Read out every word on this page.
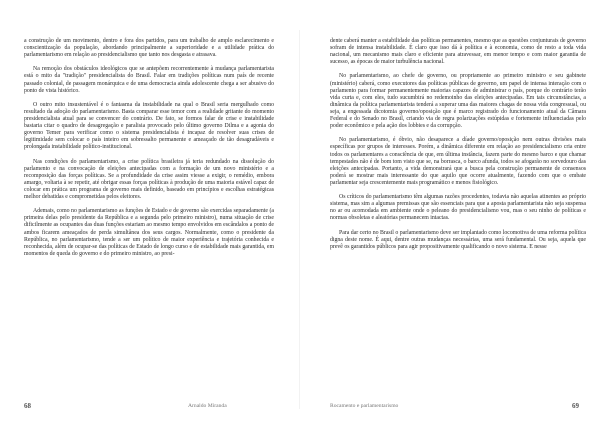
a construção de um movimento, dentro e fora dos partidos, para um trabalho de amplo esclarecimento e conscientização da população, abordando principalmente a superioridade e a utilidade prática do parlamentarismo em relação ao presidencialismo que tanto nos desgasta e atrasava.

Na remoção dos obstáculos ideológicos que se antepõem recorrentemente à mudança parlamentarista está o mito da "tradição" presidencialista do Brasil. Falar em tradições políticas num país de recente passado colonial, de passagem monárquica e de uma democracia ainda adolescente chega a ser abusivo do ponto de vista histórico.

O outro mito insustentável é o fantasma da instabilidade na qual o Brasil seria mergulhado como resultado da adoção do parlamentarismo. Basta comparar esse temor com a realidade gritante do momento presidencialista atual para se convencer do contrário. De fato, se formos falar de crise e instabilidade bastaria citar o quadro de desagregação e paralisia provocado pelo último governo Dilma e a agonia do governo Temer para verificar como o sistema presidencialista é incapaz de resolver suas crises de legitimidade sem colocar o país inteiro em sobressalto permanente e ameaçado de tão desagradáveis e prolongada instabilidade político-institucional.

Nas condições do parlamentarismo, a crise política brasileira já teria redundado na dissolução do parlamento e na convocação de eleições antecipadas com a formação de um novo ministério e a recomposição das forças políticas. Se a profundidade da crise assim viesse a exigir, o remédio, embora amargo, voltaria à se repetir, até obrigar essas forças políticas à produção de uma maioria estável capaz de colocar em prática um programa de governo mais definido, baseado em princípios e escolhas estratégicas melhor debatidas e comprometidas pelos eleitores.

Ademais, como no parlamentarismo as funções de Estado e de governo são exercidas separadamente (a primeira delas pelo presidente da República e a segunda pelo primeiro ministro), numa situação de crise dificilmente as ocupantes das duas funções estariam ao mesmo tempo envolvidos em escândalos a ponto de ambos ficarem ameaçados de perda simultânea dos seus cargos. Normalmente, como o presidente da República, no parlamentarismo, tende a ser um político de maior experiência e trajetória conhecida e reconhecida, além de ocupar-se das políticas de Estado de longo curso e de estabilidade mais garantida, em momentos de queda do governo e do primeiro ministro, ao presi-

68	Arnaldo Miranda

dente caberá manter a estabilidade das políticas permanentes, mesmo que as questões conjunturais de governo sofram de intensa instabilidade. É claro que isso dá à política e à economia, como de resto a toda vida nacional, um mecanismo mais claro e eficiente para atravessar, em menor tempo e com maior garantia de sucesso, as épocas de maior turbulência nacional.

No parlamentarismo, ao chefe de governo, ou propriamente ao primeiro ministro e seu gabinete (ministério) caberá, como executores das políticas públicas de governo, um papel de intensa interação com o parlamento para formar permanentemente maiorias capazes de administrar o país, porque do contrário terão vida curta e, com eles, tudo sucumbirá no redemoinho das eleições antecipadas. Em tais circunstâncias, a dinâmica da política parlamentarista tenderá a superar uma das maiores chagas de nossa vida congressual, ou seja, a engessada dicotomia governo/oposição que é marco registrado do funcionamento atual da Câmara Federal e do Senado no Brasil, criando via de regra polarizações estúpidas e fortemente influenciadas pelo poder econômico e pela ação dos lobbies e da corrupção.

No parlamentarismo, é óbvio, não desaparece a díade governo/oposição nem outras divisões mais específicas por grupos de interesses. Porém, a dinâmica diferente em relação ao presidencialismo cria entre todos os parlamentares a consciência de que, em última instância, fazem parte do mesmo barco e que chamar tempestades não é de bom tom visto que se, na borrasca, o barco afunda, todos se afogarão no sorvedouro das eleições antecipadas. Portanto, a vida demonstrará que a busca pela construção permanente de consensos poderá se mostrar mais interessante do que aquilo que ocorre atualmente, fazendo com que o embate parlamentar seja crescentemente mais programático e menos fisiológico.

Os críticos do parlamentarismo têm algumas razões procedentes, todavia não aquelas atinentes ao próprio sistema, mas sim a algumas premissas que são essenciais para que a aposta parlamentarista não seja suspensa no ar ou acomodada em ambiente onde o peleano do presidencialismo vou, mas o seu ninho de políticas e normas obsoletas e aleatórias permanecem intactas.

Para dar certo no Brasil o parlamentarismo deve ser implantado como locomotiva de uma reforma política digna deste nome. É aqui, dentre outras mudanças necessárias, uma será fundamental. Ou seja, aquela que prevê os garantidos públicos para agir propositivamente qualificando o novo sistema. E nesse

Rocamento e parlamentarismo	69
